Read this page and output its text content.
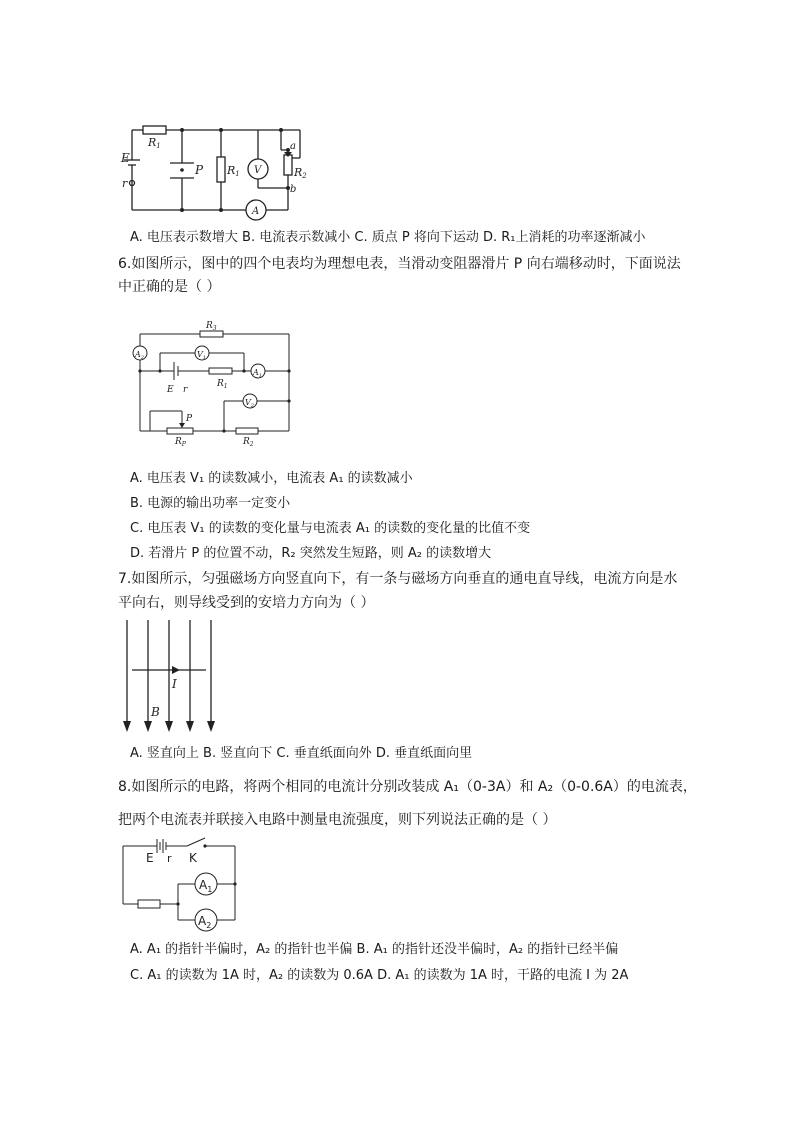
R1
E
r
P R1 V
a
R2
b
A
A. 电压表示数增大 B. 电流表示数减小 C. 质点 P 将向下运动 D. R₁上消耗的功率逐渐减小
6.如图所示，图中的四个电表均为理想电表，当滑动变阻器滑片 P 向右端移动时，下面说法
中正确的是（ ）
$R_3$
$A_2$	$V_1$
$A_1$
E r
$R_1$
$V_2$
P
$R_P$	$R_2$
A. 电压表 V₁ 的读数减小，电流表 A₁ 的读数减小
B. 电源的输出功率一定变小
C. 电压表 V₁ 的读数的变化量与电流表 A₁ 的读数的变化量的比值不变
D. 若滑片 P 的位置不动，R₂ 突然发生短路，则 A₂ 的读数增大
7.如图所示，匀强磁场方向竖直向下，有一条与磁场方向垂直的通电直导线，电流方向是水
平向右，则导线受到的安培力方向为（ ）
I
B
A. 竖直向上 B. 竖直向下 C. 垂直纸面向外 D. 垂直纸面向里
8.如图所示的电路，将两个相同的电流计分别改装成 A₁（0-3A）和 A₂（0-0.6A）的电流表，
把两个电流表并联接入电路中测量电流强度，则下列说法正确的是（ ）
E r K
$A_1$
$A_2$
A. A₁ 的指针半偏时，A₂ 的指针也半偏 B. A₁ 的指针还没半偏时，A₂ 的指针已经半偏
C. A₁ 的读数为 1A 时，A₂ 的读数为 0.6A D. A₁ 的读数为 1A 时，干路的电流 I 为 2A
